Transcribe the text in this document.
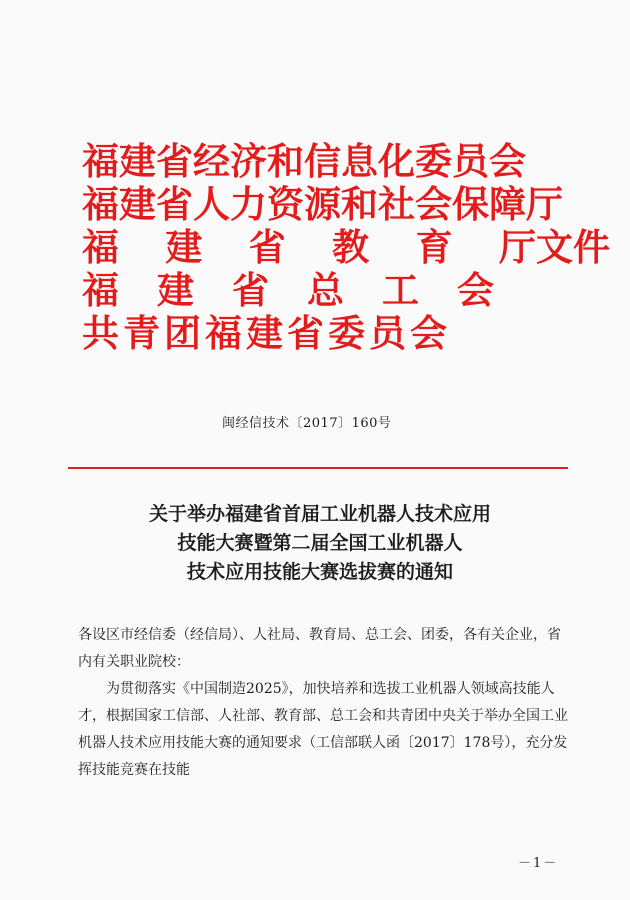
福建省经济和信息化委员会
福建省人力资源和社会保障厅
福 建 省 教 育 厅文件
福 建 省 总 工 会
共青团福建省委员会
闽经信技术〔2017〕160号
关于举办福建省首届工业机器人技术应用
技能大赛暨第二届全国工业机器人
技术应用技能大赛选拔赛的通知

各设区市经信委（经信局）、人社局、教育局、总工会、团委，各有关企业，省内有关职业院校：

为贯彻落实《中国制造2025》，加快培养和选拔工业机器人领域高技能人才，根据国家工信部、人社部、教育部、总工会和共青团中央关于举办全国工业机器人技术应用技能大赛的通知要求（工信部联人函〔2017〕178号），充分发挥技能竞赛在技能

－1－
